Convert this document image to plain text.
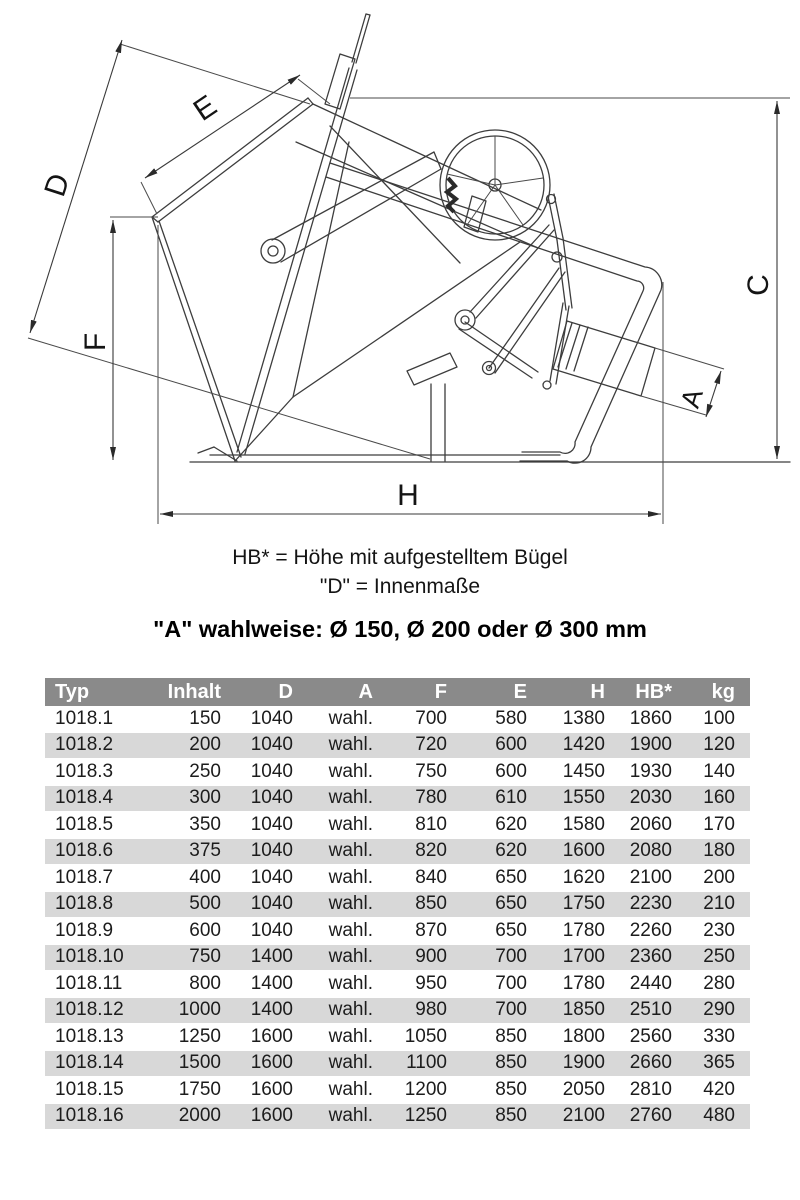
D
E
F
H
C
A
HB* = Höhe mit aufgestelltem Bügel
"D" = Innenmaße
"A" wahlweise: Ø 150, Ø 200 oder Ø 300 mm
Typ	Inhalt	D	A	F	E	H	HB*	kg
1018.1	150	1040	wahl.	700	580	1380	1860	100
1018.2	200	1040	wahl.	720	600	1420	1900	120
1018.3	250	1040	wahl.	750	600	1450	1930	140
1018.4	300	1040	wahl.	780	610	1550	2030	160
1018.5	350	1040	wahl.	810	620	1580	2060	170
1018.6	375	1040	wahl.	820	620	1600	2080	180
1018.7	400	1040	wahl.	840	650	1620	2100	200
1018.8	500	1040	wahl.	850	650	1750	2230	210
1018.9	600	1040	wahl.	870	650	1780	2260	230
1018.10	750	1400	wahl.	900	700	1700	2360	250
1018.11	800	1400	wahl.	950	700	1780	2440	280
1018.12	1000	1400	wahl.	980	700	1850	2510	290
1018.13	1250	1600	wahl.	1050	850	1800	2560	330
1018.14	1500	1600	wahl.	1100	850	1900	2660	365
1018.15	1750	1600	wahl.	1200	850	2050	2810	420
1018.16	2000	1600	wahl.	1250	850	2100	2760	480
